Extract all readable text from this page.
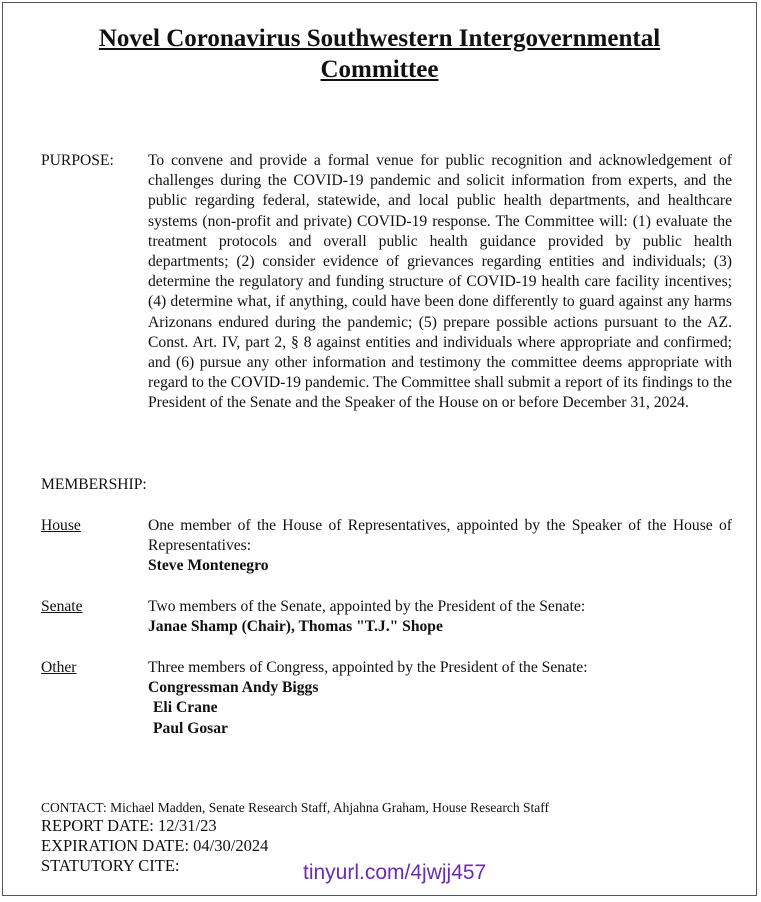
Novel Coronavirus Southwestern Intergovernmental
Committee
PURPOSE: To convene and provide a formal venue for public recognition and acknowledgement of challenges during the COVID-19 pandemic and solicit information from experts, and the public regarding federal, statewide, and local public health departments, and healthcare systems (non-profit and private) COVID-19 response. The Committee will: (1) evaluate the treatment protocols and overall public health guidance provided by public health departments; (2) consider evidence of grievances regarding entities and individuals; (3) determine the regulatory and funding structure of COVID-19 health care facility incentives; (4) determine what, if anything, could have been done differently to guard against any harms Arizonans endured during the pandemic; (5) prepare possible actions pursuant to the AZ. Const. Art. IV, part 2, § 8 against entities and individuals where appropriate and confirmed; and (6) pursue any other information and testimony the committee deems appropriate with regard to the COVID-19 pandemic. The Committee shall submit a report of its findings to the President of the Senate and the Speaker of the House on or before December 31, 2024.
MEMBERSHIP:
House	One member of the House of Representatives, appointed by the Speaker of the House of Representatives:
Steve Montenegro
Senate	Two members of the Senate, appointed by the President of the Senate:
Janae Shamp (Chair), Thomas "T.J." Shope
Other	Three members of Congress, appointed by the President of the Senate:
Congressman Andy Biggs
Eli Crane
Paul Gosar
CONTACT: Michael Madden, Senate Research Staff, Ahjahna Graham, House Research Staff
REPORT DATE: 12/31/23
EXPIRATION DATE: 04/30/2024
STATUTORY CITE:	tinyurl.com/4jwjj457
